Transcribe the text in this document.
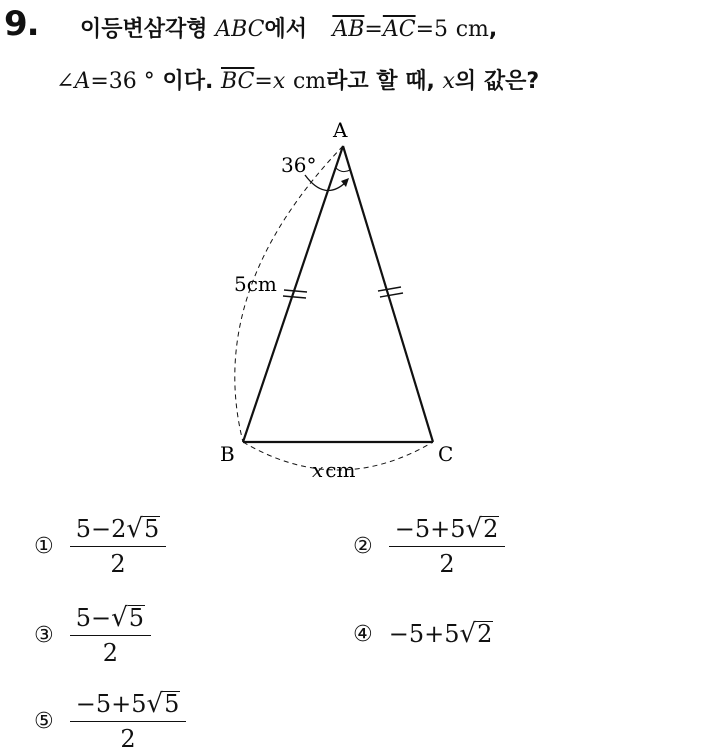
9. 이등변삼각형 ABC에서 $\overline{AB}=\overline{AC}=5$ cm,
∠A=36 ° 이다. $\overline{BC}=x$ cm라고 할 때, x의 값은?
A
B	C
36°
5cm
x cm
① $\frac{5-2 √ 5}{2}$	② $\frac{-5+5 √ 2}{2}$
③ $\frac{5- √ 5}{2}$	④ −5+5 √ 2
⑤ $\frac{-5+5 √ 5}{2}$
